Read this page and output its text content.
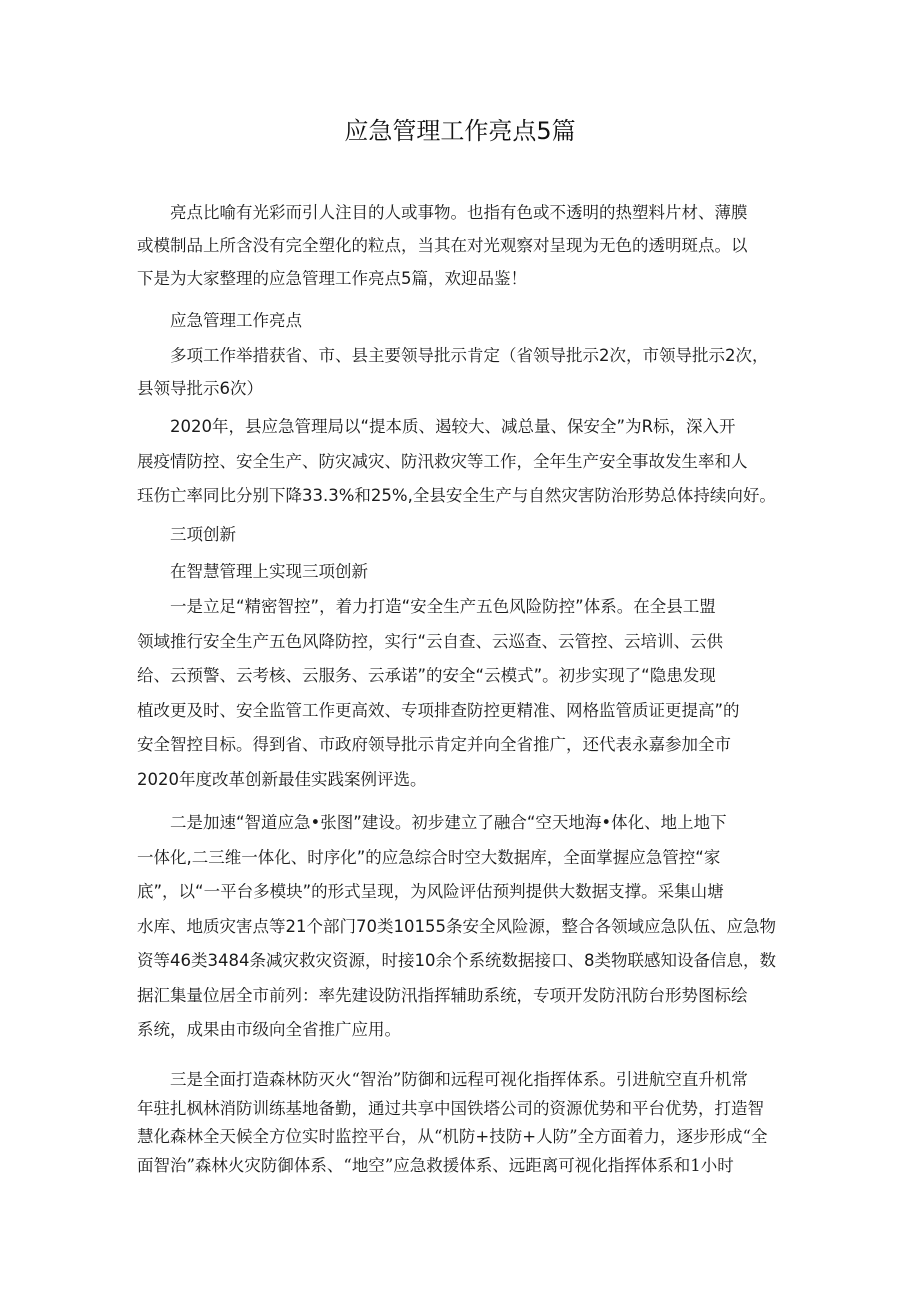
应急管理工作亮点5篇
　　亮点比喻有光彩而引人注目的人或事物。也指有色或不透明的热塑料片材、薄膜
或模制品上所含没有完全塑化的粒点，当其在对光观察对呈现为无色的透明斑点。以
下是为大家整理的应急管理工作亮点5篇，欢迎品鉴！
　　应急管理工作亮点
　　多项工作举措获省、市、县主要领导批示肯定（省领导批示2次，市领导批示2次，
县领导批示6次）
　　2020年，县应急管理局以“提本质、遏较大、减总量、保安全”为R标，深入开
展疫情防控、安全生产、防灾减灾、防汛救灾等工作，全年生产安全事故发生率和人
珏伤亡率同比分别下降33.3%和25%,全县安全生产与自然灾害防治形势总体持续向好。
　　三项创新
　　在智慧管理上实现三项创新
　　一是立足“精密智控”，着力打造“安全生产五色风险防控”体系。在全县工盟
领域推行安全生产五色风降防控，实行“云自查、云巡查、云管控、云培训、云供
给、云预警、云考核、云服务、云承诺”的安全“云模式”。初步实现了“隐患发现
植改更及时、安全监管工作更高效、专项排查防控更精准、网格监管质证更提高”的
安全智控目标。得到省、市政府领导批示肯定并向全省推广，还代表永嘉参加全市
2020年度改革创新最佳实践案例评选。
　　二是加速“智道应急•张图”建设。初步建立了融合“空天地海•体化、地上地下
一体化,二三维一体化、时序化”的应急综合时空大数据库，全面掌握应急管控“家
底”，以“一平台多模块”的形式呈现，为风险评估预判提供大数据支撑。采集山塘
水库、地质灾害点等21个部门70类10155条安全风险源，整合各领域应急队伍、应急物
资等46类3484条减灾救灾资源，时接10余个系统数据接口、8类物联感知设备信息，数
据汇集量位居全市前列：率先建设防汛指挥辅助系统，专项开发防汛防台形势图标绘
系统，成果由市级向全省推广应用。
　　三是全面打造森林防灭火“智治”防御和远程可视化指挥体系。引进航空直升机常
年驻扎枫林消防训练基地备勤，通过共享中国铁塔公司的资源优势和平台优势，打造智
慧化森林全天候全方位实时监控平台，从“机防+技防+人防”全方面着力，逐步形成“全
面智治”森林火灾防御体系、“地空”应急救援体系、远距离可视化指挥体系和1小时
